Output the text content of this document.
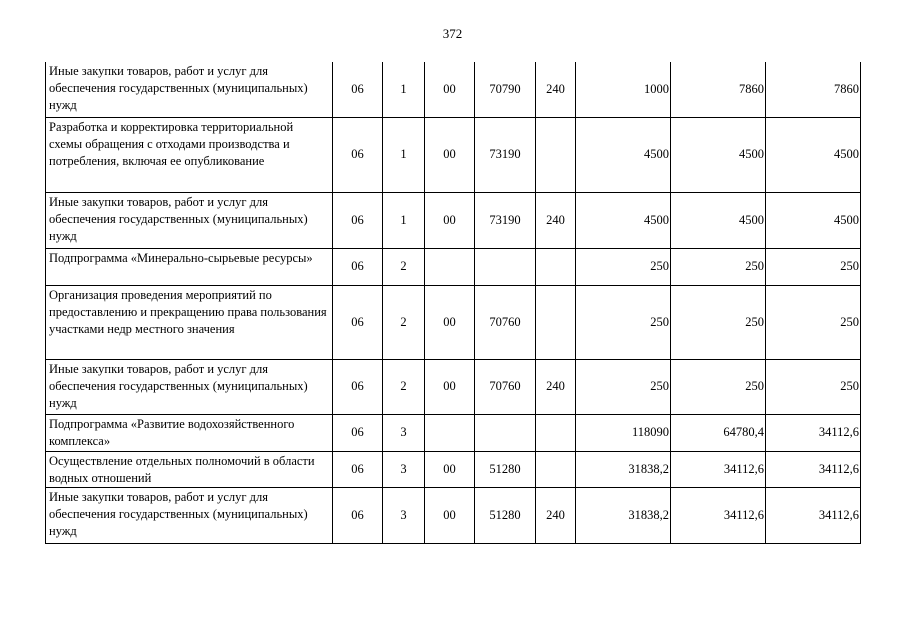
372
Иные закупки товаров, работ и услуг для обеспечения государственных (муниципальных) нужд	06	1	00	70790	240	1000	7860	7860
Разработка и корректировка территориальной схемы обращения с отходами производства и потребления, включая ее опубликование	06	1	00	73190		4500	4500	4500
Иные закупки товаров, работ и услуг для обеспечения государственных (муниципальных) нужд	06	1	00	73190	240	4500	4500	4500
Подпрограмма «Минерально-сырьевые ресурсы»	06	2				250	250	250
Организация проведения мероприятий по предоставлению и прекращению права пользования участками недр местного значения	06	2	00	70760		250	250	250
Иные закупки товаров, работ и услуг для обеспечения государственных (муниципальных) нужд	06	2	00	70760	240	250	250	250
Подпрограмма «Развитие водохозяйственного комплекса»	06	3				118090	64780,4	34112,6
Осуществление отдельных полномочий в области водных отношений	06	3	00	51280		31838,2	34112,6	34112,6
Иные закупки товаров, работ и услуг для обеспечения государственных (муниципальных) нужд	06	3	00	51280	240	31838,2	34112,6	34112,6
